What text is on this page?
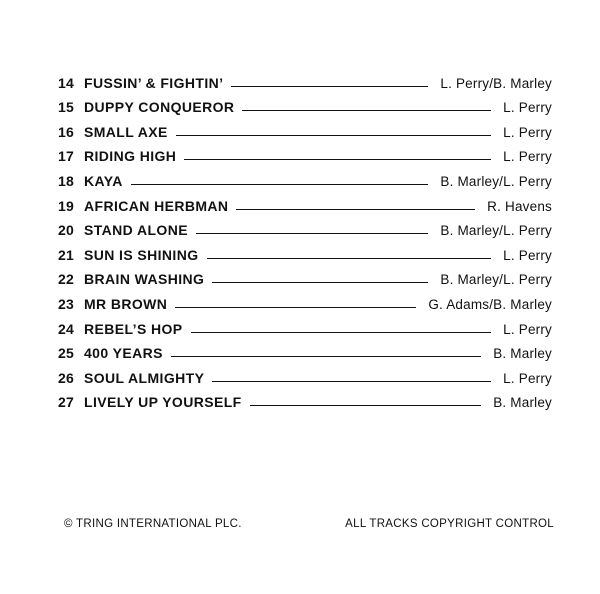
14 FUSSIN’ & FIGHTIN’	L. Perry/B. Marley
15 DUPPY CONQUEROR	L. Perry
16 SMALL AXE	L. Perry
17 RIDING HIGH	L. Perry
18 KAYA	B. Marley/L. Perry
19 AFRICAN HERBMAN	R. Havens
20 STAND ALONE	B. Marley/L. Perry
21 SUN IS SHINING	L. Perry
22 BRAIN WASHING	B. Marley/L. Perry
23 MR BROWN	G. Adams/B. Marley
24 REBEL’S HOP	L. Perry
25 400 YEARS	B. Marley
26 SOUL ALMIGHTY	L. Perry
27 LIVELY UP YOURSELF	B. Marley
© TRING INTERNATIONAL PLC.	ALL TRACKS COPYRIGHT CONTROL
